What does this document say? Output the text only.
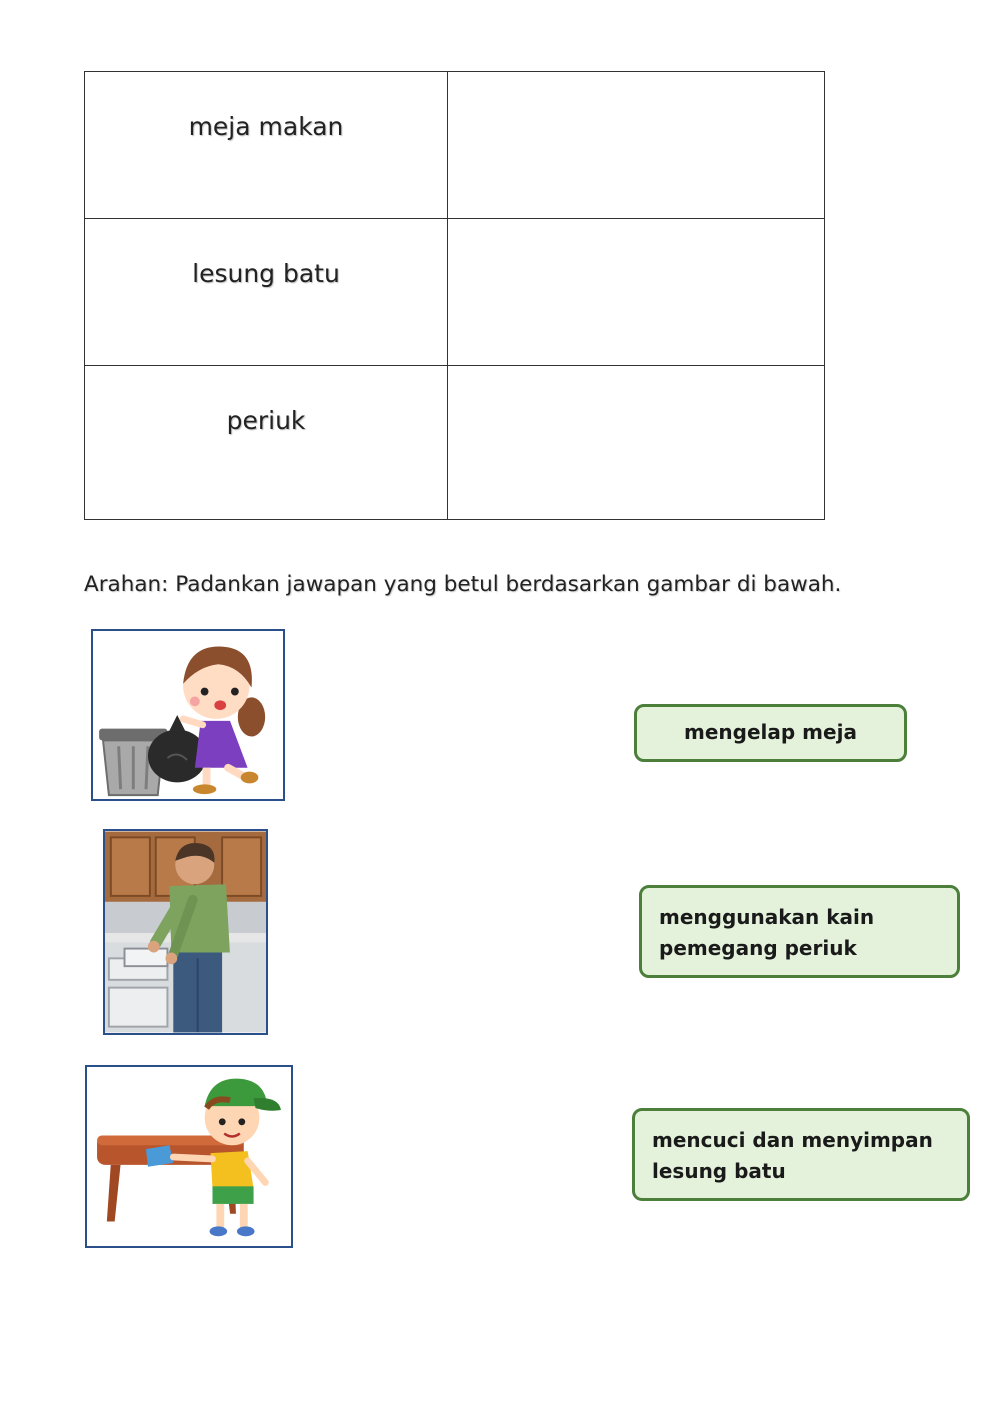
meja makan	

lesung batu	

periuk	

Arahan: Padankan jawapan yang betul berdasarkan gambar di bawah.
mengelap meja
menggunakan kain pemegang periuk
mencuci dan menyimpan lesung batu
